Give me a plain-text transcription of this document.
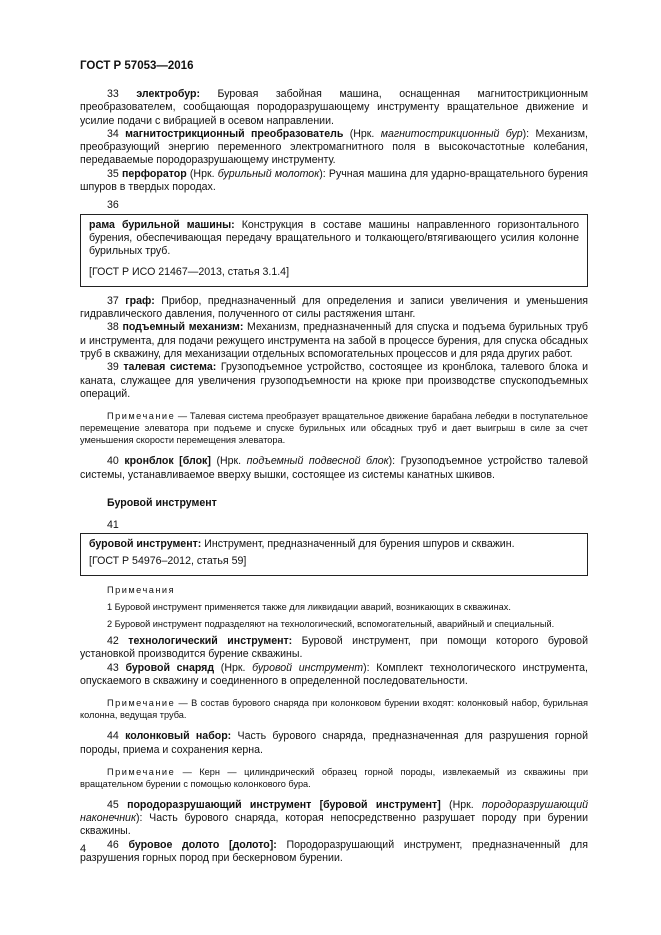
ГОСТ Р 57053—2016

33 электробур: Буровая забойная машина, оснащенная магнитострикционным преобразователем, сообщающая породоразрушающему инструменту вращательное движение и усилие подачи с вибрацией в осевом направлении.

34 магнитострикционный преобразователь (Нрк. магнитострикционный бур): Механизм, преобразующий энергию переменного электромагнитного поля в высокочастотные колебания, передаваемые породоразрушающему инструменту.

35 перфоратор (Нрк. бурильный молоток): Ручная машина для ударно-вращательного бурения шпуров в твердых породах.

36

рама бурильной машины: Конструкция в составе машины направленного горизонтального бурения, обеспечивающая передачу вращательного и толкающего/втягивающего усилия колонне бурильных труб.

[ГОСТ Р ИСО 21467—2013, статья 3.1.4]

37 граф: Прибор, предназначенный для определения и записи увеличения и уменьшения гидравлического давления, полученного от силы растяжения штанг.

38 подъемный механизм: Механизм, предназначенный для спуска и подъема бурильных труб и инструмента, для подачи режущего инструмента на забой в процессе бурения, для спуска обсадных труб в скважину, для механизации отдельных вспомогательных процессов и для ряда других работ.

39 талевая система: Грузоподъемное устройство, состоящее из кронблока, талевого блока и каната, служащее для увеличения грузоподъемности на крюке при производстве спускоподъемных операций.

Примечание — Талевая система преобразует вращательное движение барабана лебедки в поступательное перемещение элеватора при подъеме и спуске бурильных или обсадных труб и дает выигрыш в силе за счет уменьшения скорости перемещения элеватора.

40 кронблок [блок] (Нрк. подъемный подвесной блок): Грузоподъемное устройство талевой системы, устанавливаемое вверху вышки, состоящее из системы канатных шкивов.

Буровой инструмент

41

буровой инструмент: Инструмент, предназначенный для бурения шпуров и скважин.

[ГОСТ Р 54976–2012, статья 59]

Примечания

1 Буровой инструмент применяется также для ликвидации аварий, возникающих в скважинах.

2 Буровой инструмент подразделяют на технологический, вспомогательный, аварийный и специальный.

42 технологический инструмент: Буровой инструмент, при помощи которого буровой установкой производится бурение скважины.

43 буровой снаряд (Нрк. буровой инструмент): Комплект технологического инструмента, опускаемого в скважину и соединенного в определенной последовательности.

Примечание — В состав бурового снаряда при колонковом бурении входят: колонковый набор, бурильная колонна, ведущая труба.

44 колонковый набор: Часть бурового снаряда, предназначенная для разрушения горной породы, приема и сохранения керна.

Примечание — Керн — цилиндрический образец горной породы, извлекаемый из скважины при вращательном бурении с помощью колонкового бура.

45 породоразрушающий инструмент [буровой инструмент] (Нрк. породоразрушающий наконечник): Часть бурового снаряда, которая непосредственно разрушает породу при бурении скважины.

46 буровое долото [долото]: Породоразрушающий инструмент, предназначенный для разрушения горных пород при бескерновом бурении.

4
